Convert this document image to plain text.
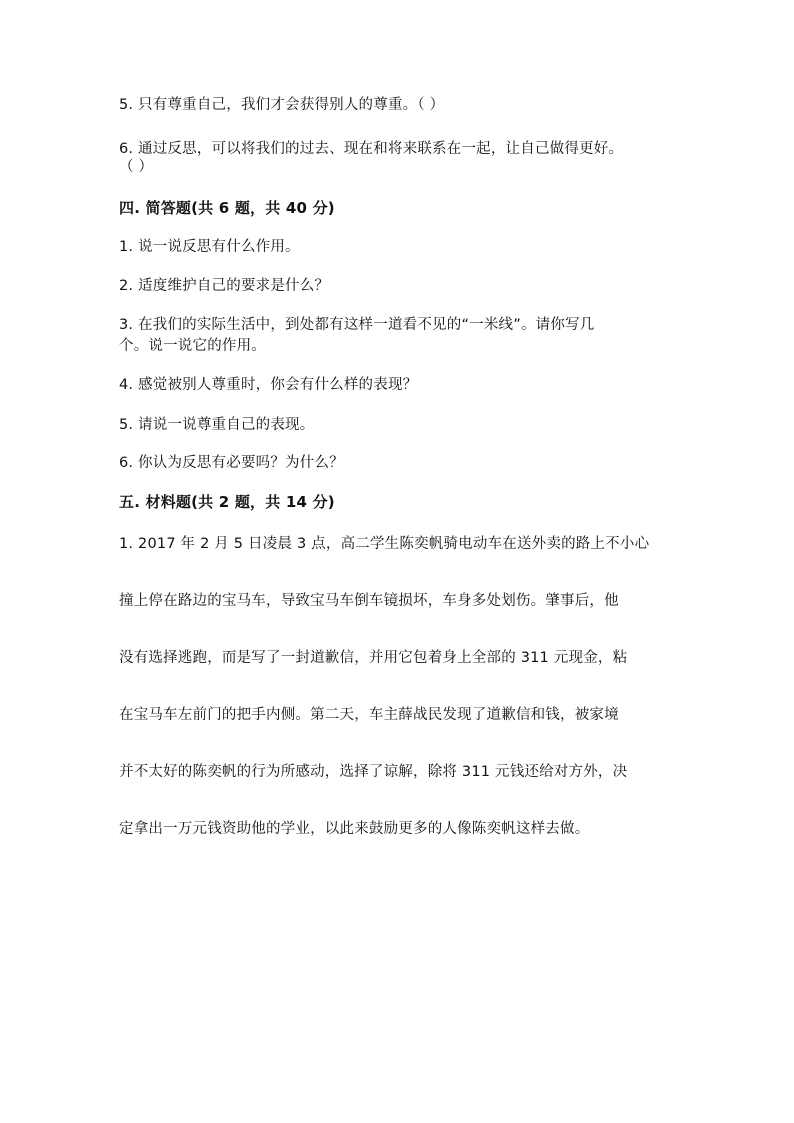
5. 只有尊重自己，我们才会获得别人的尊重。（ ）
6. 通过反思，可以将我们的过去、现在和将来联系在一起，让自己做得更好。
（ ）
四. 简答题(共 6 题，共 40 分)
1. 说一说反思有什么作用。
2. 适度维护自己的要求是什么？
3. 在我们的实际生活中，到处都有这样一道看不见的“一米线”。请你写几
个。说一说它的作用。
4. 感觉被别人尊重时，你会有什么样的表现？
5. 请说一说尊重自己的表现。
6. 你认为反思有必要吗？为什么？
五. 材料题(共 2 题，共 14 分)
1. 2017 年 2 月 5 日凌晨 3 点，高二学生陈奕帆骑电动车在送外卖的路上不小心
撞上停在路边的宝马车，导致宝马车倒车镜损坏，车身多处划伤。肇事后，他
没有选择逃跑，而是写了一封道歉信，并用它包着身上全部的 311 元现金，粘
在宝马车左前门的把手内侧。第二天，车主薛战民发现了道歉信和钱，被家境
并不太好的陈奕帆的行为所感动，选择了谅解，除将 311 元钱还给对方外，决
定拿出一万元钱资助他的学业，以此来鼓励更多的人像陈奕帆这样去做。
